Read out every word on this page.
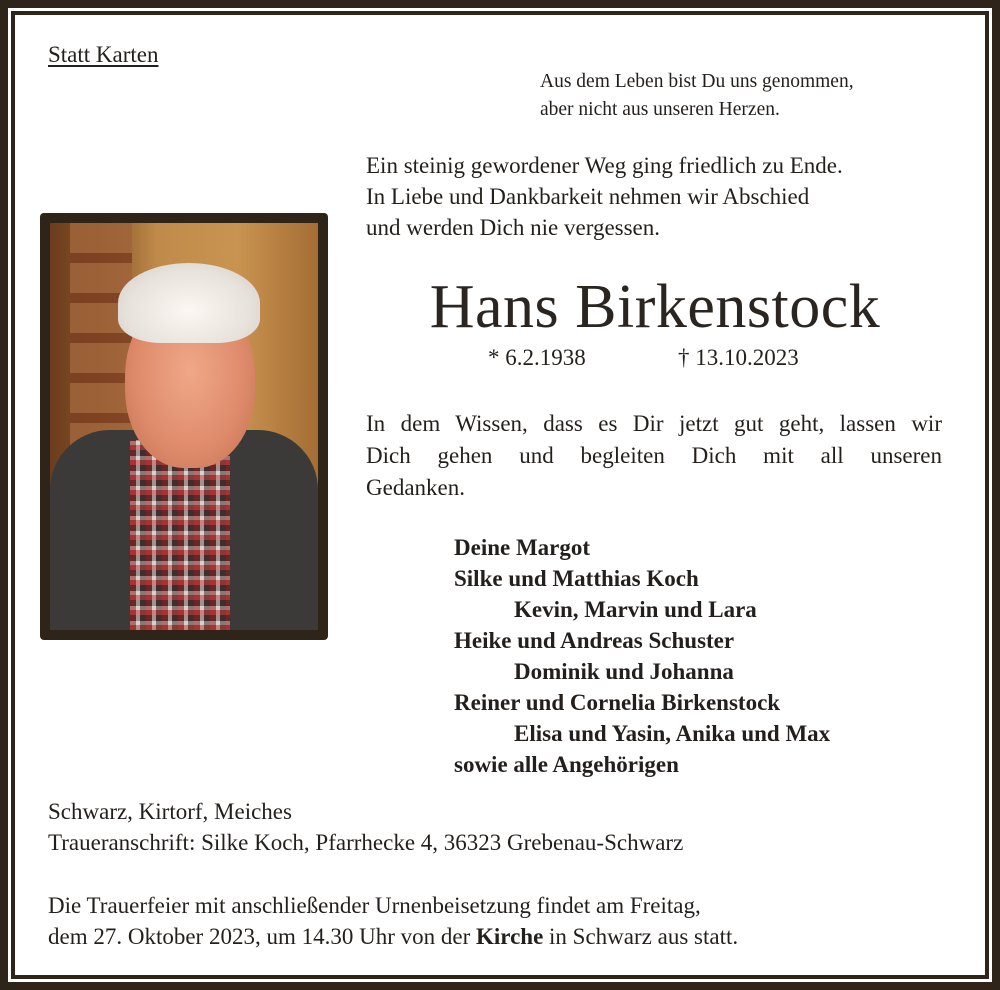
Statt Karten
Aus dem Leben bist Du uns genommen,
aber nicht aus unseren Herzen.
Ein steinig gewordener Weg ging friedlich zu Ende.
In Liebe und Dankbarkeit nehmen wir Abschied
und werden Dich nie vergessen.
Hans Birkenstock
* 6.2.1938	† 13.10.2023
In dem Wissen, dass es Dir jetzt gut geht, lassen wir
Dich gehen und begleiten Dich mit all unseren
Gedanken.
Deine Margot
Silke und Matthias Koch
Kevin, Marvin und Lara
Heike und Andreas Schuster
Dominik und Johanna
Reiner und Cornelia Birkenstock
Elisa und Yasin, Anika und Max
sowie alle Angehörigen
Schwarz, Kirtorf, Meiches
Traueranschrift: Silke Koch, Pfarrhecke 4, 36323 Grebenau-Schwarz
Die Trauerfeier mit anschließender Urnenbeisetzung findet am Freitag,
dem 27. Oktober 2023, um 14.30 Uhr von der Kirche in Schwarz aus statt.
